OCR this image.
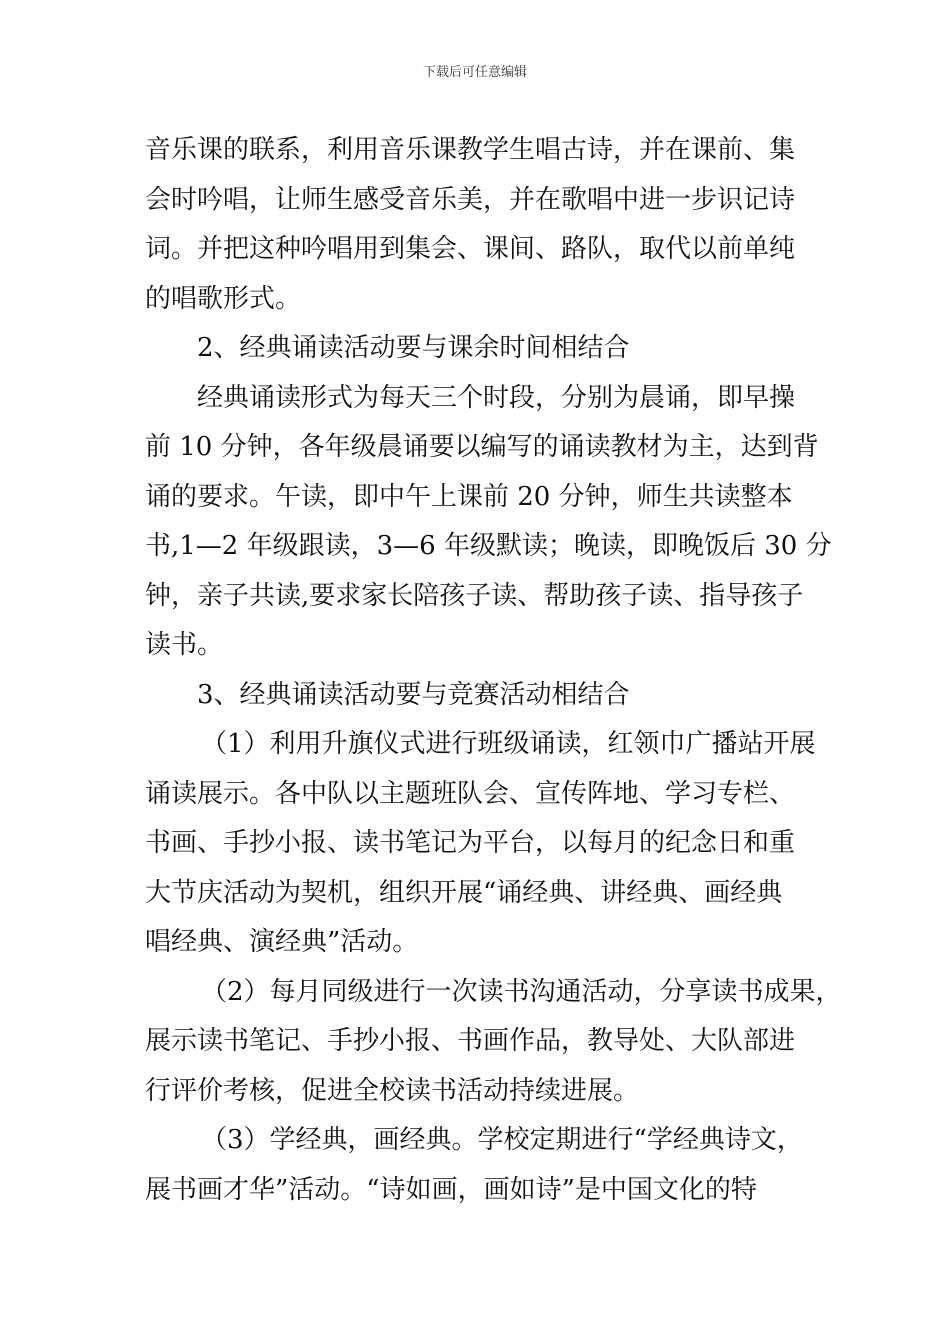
下载后可任意编辑
音乐课的联系，利用音乐课教学生唱古诗，并在课前、集
会时吟唱，让师生感受音乐美，并在歌唱中进一步识记诗
词。并把这种吟唱用到集会、课间、路队，取代以前单纯
的唱歌形式。
2、经典诵读活动要与课余时间相结合
经典诵读形式为每天三个时段，分别为晨诵，即早操
前 10 分钟，各年级晨诵要以编写的诵读教材为主，达到背
诵的要求。午读，即中午上课前 20 分钟，师生共读整本
书,1—2 年级跟读，3—6 年级默读；晚读，即晚饭后 30 分
钟，亲子共读,要求家长陪孩子读、帮助孩子读、指导孩子
读书。
3、经典诵读活动要与竞赛活动相结合
（1）利用升旗仪式进行班级诵读，红领巾广播站开展
诵读展示。各中队以主题班队会、宣传阵地、学习专栏、
书画、手抄小报、读书笔记为平台，以每月的纪念日和重
大节庆活动为契机，组织开展“诵经典、讲经典、画经典
唱经典、演经典”活动。
（2）每月同级进行一次读书沟通活动，分享读书成果，
展示读书笔记、手抄小报、书画作品，教导处、大队部进
行评价考核，促进全校读书活动持续进展。
（3）学经典，画经典。学校定期进行“学经典诗文，
展书画才华”活动。“诗如画，画如诗”是中国文化的特
